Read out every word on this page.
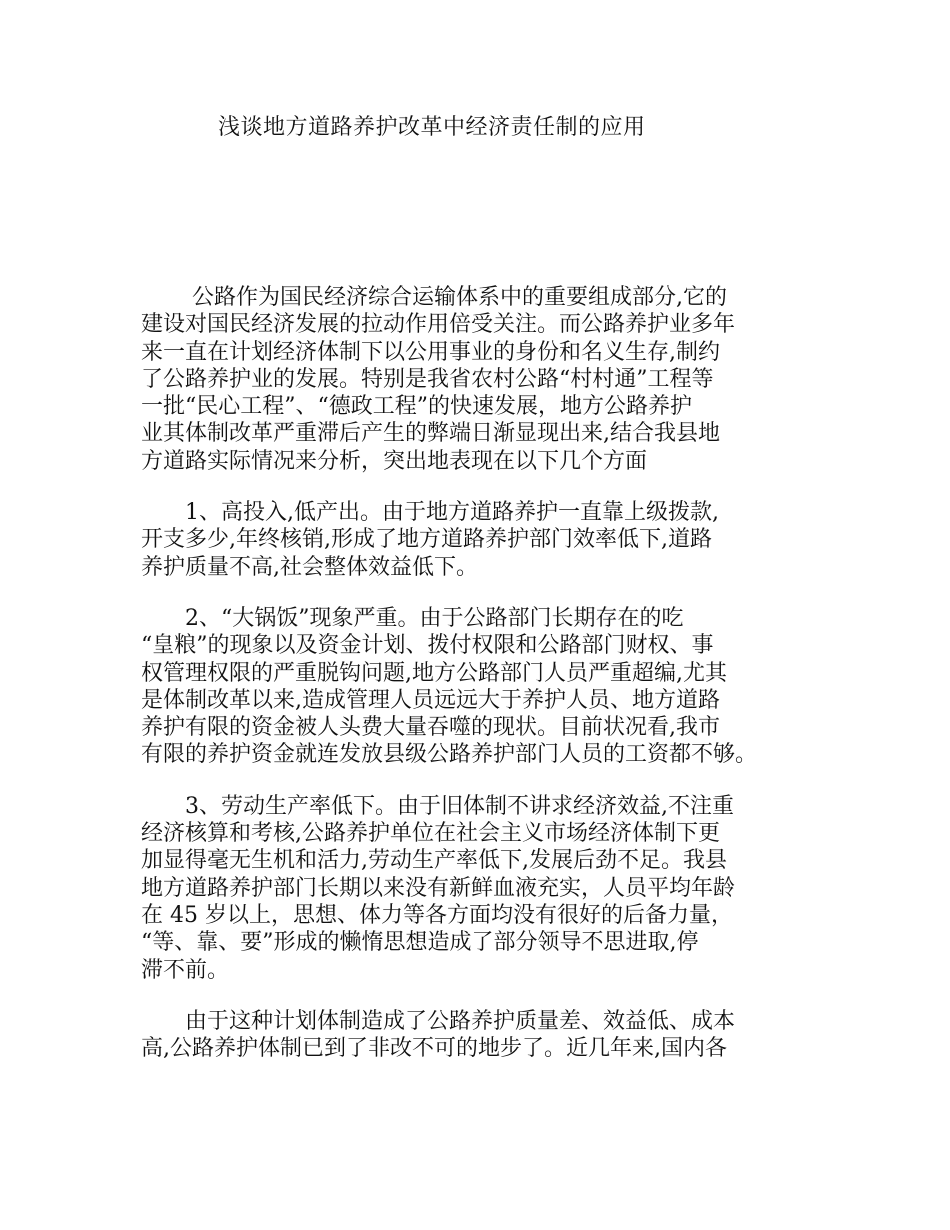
浅谈地方道路养护改革中经济责任制的应用

　　 公路作为国民经济综合运输体系中的重要组成部分,它的
建设对国民经济发展的拉动作用倍受关注。而公路养护业多年
来一直在计划经济体制下以公用事业的身份和名义生存,制约
了公路养护业的发展。特别是我省农村公路“村村通”工程等
一批“民心工程”、“德政工程”的快速发展，地方公路养护
业其体制改革严重滞后产生的弊端日渐显现出来,结合我县地
方道路实际情况来分析，突出地表现在以下几个方面

　　1、高投入,低产出。由于地方道路养护一直靠上级拨款,
开支多少,年终核销,形成了地方道路养护部门效率低下,道路
养护质量不高,社会整体效益低下。

　　2、“大锅饭”现象严重。由于公路部门长期存在的吃
“皇粮”的现象以及资金计划、拨付权限和公路部门财权、事
权管理权限的严重脱钩问题,地方公路部门人员严重超编,尤其
是体制改革以来,造成管理人员远远大于养护人员、地方道路
养护有限的资金被人头费大量吞噬的现状。目前状况看,我市
有限的养护资金就连发放县级公路养护部门人员的工资都不够。

　　3、劳动生产率低下。由于旧体制不讲求经济效益,不注重
经济核算和考核,公路养护单位在社会主义市场经济体制下更
加显得毫无生机和活力,劳动生产率低下,发展后劲不足。我县
地方道路养护部门长期以来没有新鲜血液充实，人员平均年龄
在 45 岁以上，思想、体力等各方面均没有很好的后备力量，
“等、靠、要”形成的懒惰思想造成了部分领导不思进取,停
滞不前。

　　由于这种计划体制造成了公路养护质量差、效益低、成本
高,公路养护体制已到了非改不可的地步了。近几年来,国内各
